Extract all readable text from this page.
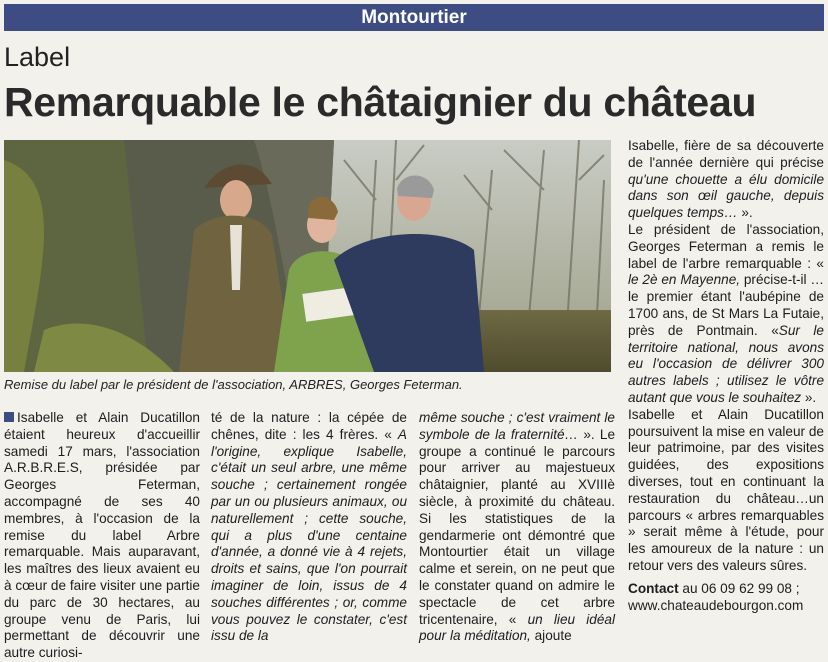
Montourtier
Label
Remarquable le châtaignier du château
Remise du label par le président de l'association, ARBRES, Georges Feterman.

Isabelle et Alain Ducatillon étaient heureux d'accueillir samedi 17 mars, l'association A.R.B.R.E.S, présidée par Georges Feterman, accompagné de ses 40 membres, à l'occasion de la remise du label Arbre remarquable. Mais auparavant, les maîtres des lieux avaient eu à cœur de faire visiter une partie du parc de 30 hectares, au groupe venu de Paris, lui permettant de découvrir une autre curiosi-

té de la nature : la cépée de chênes, dite : les 4 frères. « A l'origine, explique Isabelle, c'était un seul arbre, une même souche ; certainement rongée par un ou plusieurs animaux, ou naturellement ; cette souche, qui a plus d'une centaine d'année, a donné vie à 4 rejets, droits et sains, que l'on pourrait imaginer de loin, issus de 4 souches différentes ; or, comme vous pouvez le constater, c'est issu de la

même souche ; c'est vraiment le symbole de la fraternité… ». Le groupe a continué le parcours pour arriver au majestueux châtaignier, planté au XVIIIè siècle, à proximité du château. Si les statistiques de la gendarmerie ont démontré que Montourtier était un village calme et serein, on ne peut que le constater quand on admire le spectacle de cet arbre tricentenaire, « un lieu idéal pour la méditation, ajoute

Isabelle, fière de sa découverte de l'année dernière qui précise qu'une chouette a élu domicile dans son œil gauche, depuis quelques temps… ».

Le président de l'association, Georges Feterman a remis le label de l'arbre remarquable : « le 2è en Mayenne, précise-t-il … le premier étant l'aubépine de 1700 ans, de St Mars La Futaie, près de Pontmain. «Sur le territoire national, nous avons eu l'occasion de délivrer 300 autres labels ; utilisez le vôtre autant que vous le souhaitez ».

Isabelle et Alain Ducatillon poursuivent la mise en valeur de leur patrimoine, par des visites guidées, des expositions diverses, tout en continuant la restauration du château…un parcours « arbres remarquables » serait même à l'étude, pour les amoureux de la nature : un retour vers des valeurs sûres.

Contact au 06 09 62 99 08 ;

www.chateaudebourgon.com
